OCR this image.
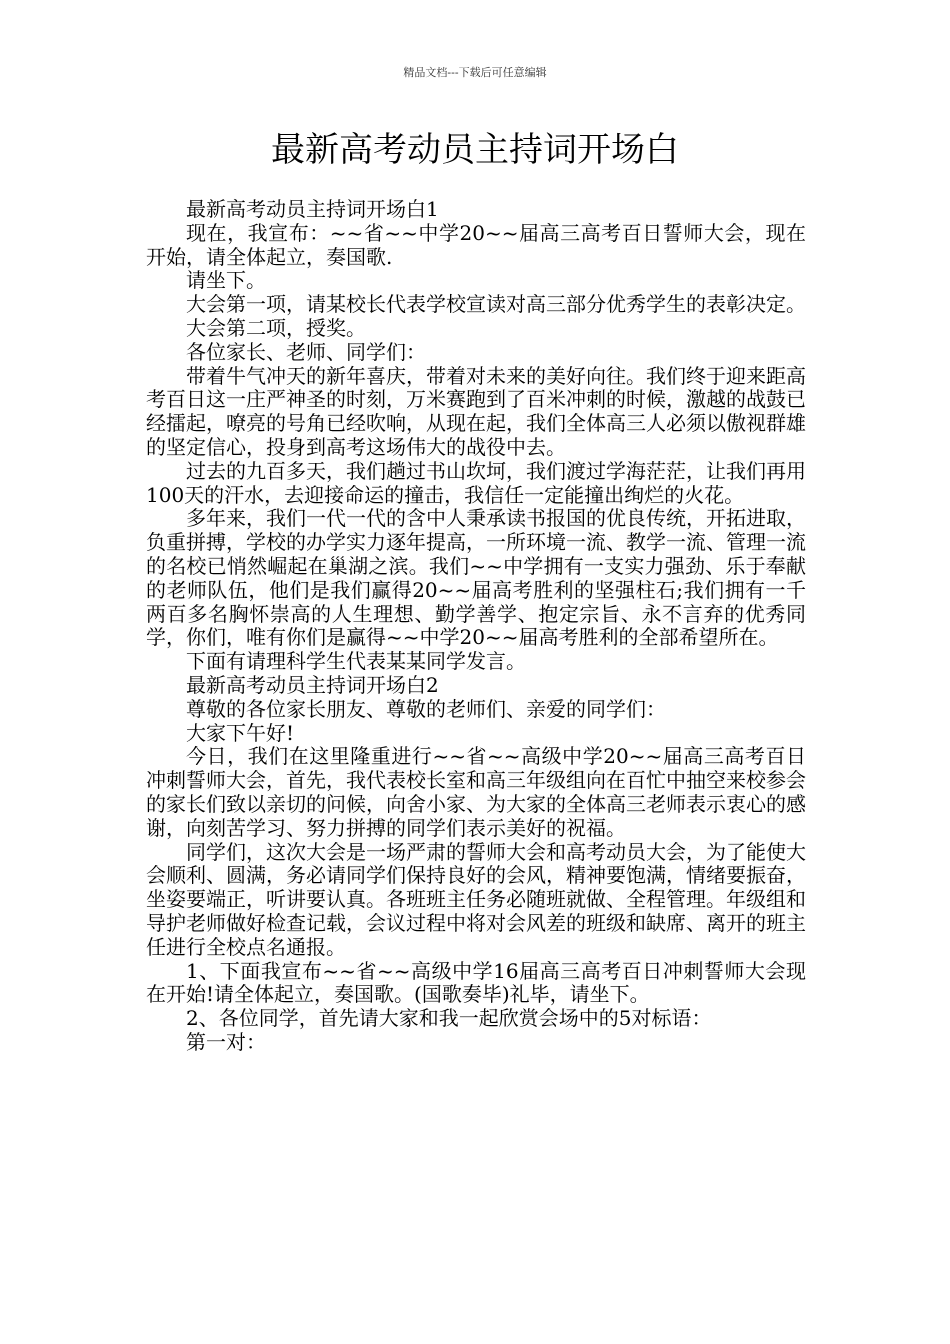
精品文档---下载后可任意编辑
最新高考动员主持词开场白

最新高考动员主持词开场白1

现在，我宣布：~~省~~中学20~~届高三高考百日誓师大会，现在开始，请全体起立，奏国歌.

请坐下。

大会第一项，请某校长代表学校宣读对高三部分优秀学生的表彰决定。

大会第二项，授奖。

各位家长、老师、同学们：

带着牛气冲天的新年喜庆，带着对未来的美好向往。我们终于迎来距高考百日这一庄严神圣的时刻，万米赛跑到了百米冲刺的时候，激越的战鼓已经擂起，嘹亮的号角已经吹响，从现在起，我们全体高三人必须以傲视群雄的坚定信心，投身到高考这场伟大的战役中去。

过去的九百多天，我们趟过书山坎坷，我们渡过学海茫茫，让我们再用100天的汗水，去迎接命运的撞击，我信任一定能撞出绚烂的火花。

多年来，我们一代一代的含中人秉承读书报国的优良传统，开拓进取，负重拼搏，学校的办学实力逐年提高，一所环境一流、教学一流、管理一流的名校已悄然崛起在巢湖之滨。我们~~中学拥有一支实力强劲、乐于奉献的老师队伍，他们是我们赢得20~~届高考胜利的坚强柱石;我们拥有一千两百多名胸怀崇高的人生理想、勤学善学、抱定宗旨、永不言弃的优秀同学，你们，唯有你们是赢得~~中学20~~届高考胜利的全部希望所在。

下面有请理科学生代表某某同学发言。

最新高考动员主持词开场白2

尊敬的各位家长朋友、尊敬的老师们、亲爱的同学们：

大家下午好!

今日，我们在这里隆重进行~~省~~高级中学20~~届高三高考百日冲刺誓师大会，首先，我代表校长室和高三年级组向在百忙中抽空来校参会的家长们致以亲切的问候，向舍小家、为大家的全体高三老师表示衷心的感谢，向刻苦学习、努力拼搏的同学们表示美好的祝福。

同学们，这次大会是一场严肃的誓师大会和高考动员大会，为了能使大会顺利、圆满，务必请同学们保持良好的会风，精神要饱满，情绪要振奋，坐姿要端正，听讲要认真。各班班主任务必随班就做、全程管理。年级组和导护老师做好检查记载，会议过程中将对会风差的班级和缺席、离开的班主任进行全校点名通报。

1、下面我宣布~~省~~高级中学16届高三高考百日冲刺誓师大会现在开始!请全体起立，奏国歌。(国歌奏毕)礼毕，请坐下。

2、各位同学，首先请大家和我一起欣赏会场中的5对标语：

第一对：
